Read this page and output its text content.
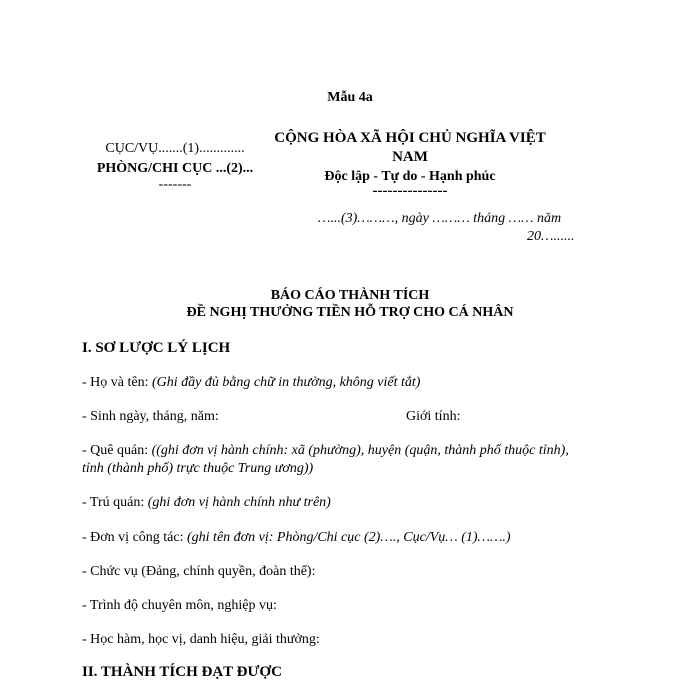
Mẫu 4a
CỤC/VỤ.......(1).............
PHÒNG/CHI CỤC ...(2)...
-------
CỘNG HÒA XÃ HỘI CHỦ NGHĨA VIỆT NAM
Độc lập - Tự do - Hạnh phúc
---------------
…...(3)………, ngày ……… tháng …… năm
20…......
BÁO CÁO THÀNH TÍCH
ĐỀ NGHỊ THƯỞNG TIỀN HỖ TRỢ CHO CÁ NHÂN
I. SƠ LƯỢC LÝ LỊCH
- Họ và tên: (Ghi đầy đủ bằng chữ in thường, không viết tắt)
- Sinh ngày, tháng, năm:	Giới tính:
- Quê quán: ((ghi đơn vị hành chính: xã (phường), huyện (quận, thành phố thuộc tỉnh),
tỉnh (thành phố) trực thuộc Trung ương))
- Trú quán: (ghi đơn vị hành chính như trên)
- Đơn vị công tác: (ghi tên đơn vị: Phòng/Chi cục (2)…., Cục/Vụ… (1)…….)
- Chức vụ (Đảng, chính quyền, đoàn thể):
- Trình độ chuyên môn, nghiệp vụ:
- Học hàm, học vị, danh hiệu, giải thưởng:
II. THÀNH TÍCH ĐẠT ĐƯỢC
